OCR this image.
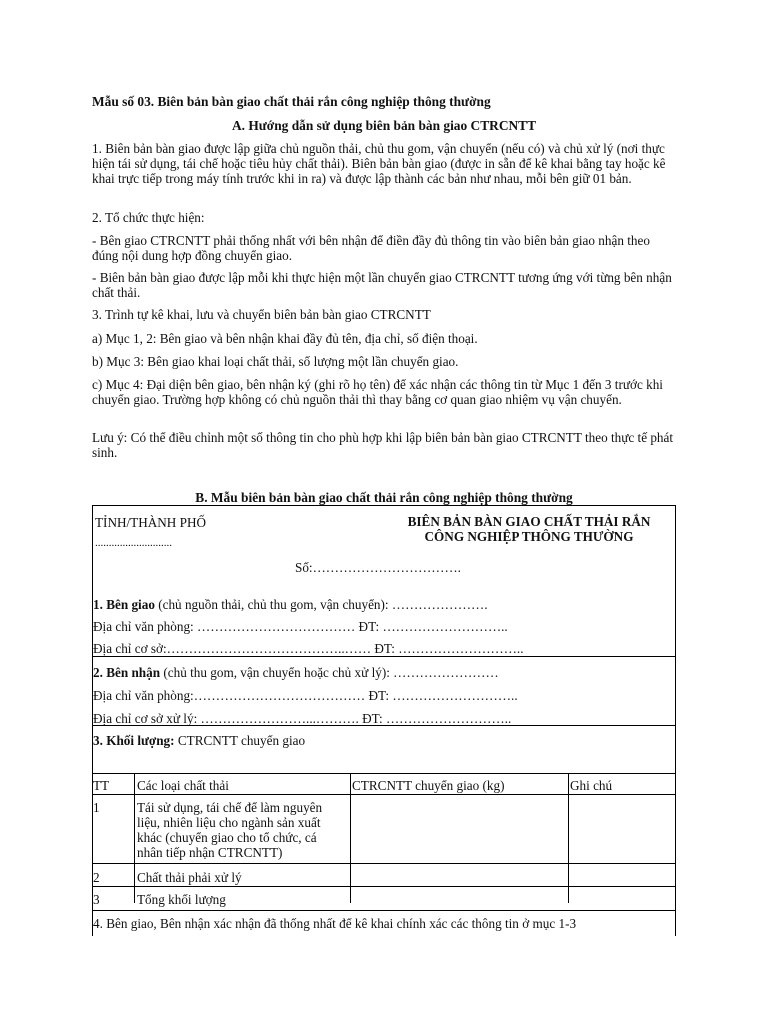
Mẫu số 03. Biên bản bàn giao chất thải rắn công nghiệp thông thường
A. Hướng dẫn sử dụng biên bản bàn giao CTRCNTT

1. Biên bản bàn giao được lập giữa chủ nguồn thải, chủ thu gom, vận chuyển (nếu có) và chủ xử lý (nơi thực hiện tái sử dụng, tái chế hoặc tiêu hủy chất thải). Biên bản bàn giao (được in sẵn để kê khai bằng tay hoặc kê khai trực tiếp trong máy tính trước khi in ra) và được lập thành các bản như nhau, mỗi bên giữ 01 bản.

2. Tổ chức thực hiện:

- Bên giao CTRCNTT phải thống nhất với bên nhận để điền đầy đủ thông tin vào biên bản giao nhận theo đúng nội dung hợp đồng chuyển giao.

- Biên bản bàn giao được lập mỗi khi thực hiện một lần chuyển giao CTRCNTT tương ứng với từng bên nhận chất thải.

3. Trình tự kê khai, lưu và chuyển biên bản bàn giao CTRCNTT

a) Mục 1, 2: Bên giao và bên nhận khai đầy đủ tên, địa chỉ, số điện thoại.

b) Mục 3: Bên giao khai loại chất thải, số lượng một lần chuyển giao.

c) Mục 4: Đại diện bên giao, bên nhận ký (ghi rõ họ tên) để xác nhận các thông tin từ Mục 1 đến 3 trước khi chuyển giao. Trường hợp không có chủ nguồn thải thì thay bằng cơ quan giao nhiệm vụ vận chuyển.

Lưu ý: Có thể điều chỉnh một số thông tin cho phù hợp khi lập biên bản bàn giao CTRCNTT theo thực tế phát sinh.

B. Mẫu biên bản bàn giao chất thải rắn công nghiệp thông thường
TỈNH/THÀNH PHỐ
............................
BIÊN BẢN BÀN GIAO CHẤT THẢI RẮN
CÔNG NGHIỆP THÔNG THƯỜNG
Số:…………………………….
1. Bên giao (chủ nguồn thải, chủ thu gom, vận chuyển): ………………….
Địa chỉ văn phòng: ……………………………… ĐT: ………………………..
Địa chỉ cơ sở:…………………………………..…… ĐT: ………………………..
2. Bên nhận (chủ thu gom, vận chuyển hoặc chủ xử lý): ……………………
Địa chỉ văn phòng:………………………………… ĐT: ………………………..
Địa chỉ cơ sở xử lý: ……………………...………. ĐT: ………………………..
3. Khối lượng: CTRCNTT chuyển giao
TT Các loại chất thải	CTRCNTT chuyển giao (kg)	Ghi chú
1	Tái sử dụng, tái chế để làm nguyên
liệu, nhiên liệu cho ngành sản xuất
khác (chuyển giao cho tổ chức, cá
nhân tiếp nhận CTRCNTT)
2	Chất thải phải xử lý
3	Tổng khối lượng
4. Bên giao, Bên nhận xác nhận đã thống nhất để kê khai chính xác các thông tin ở mục 1-3
